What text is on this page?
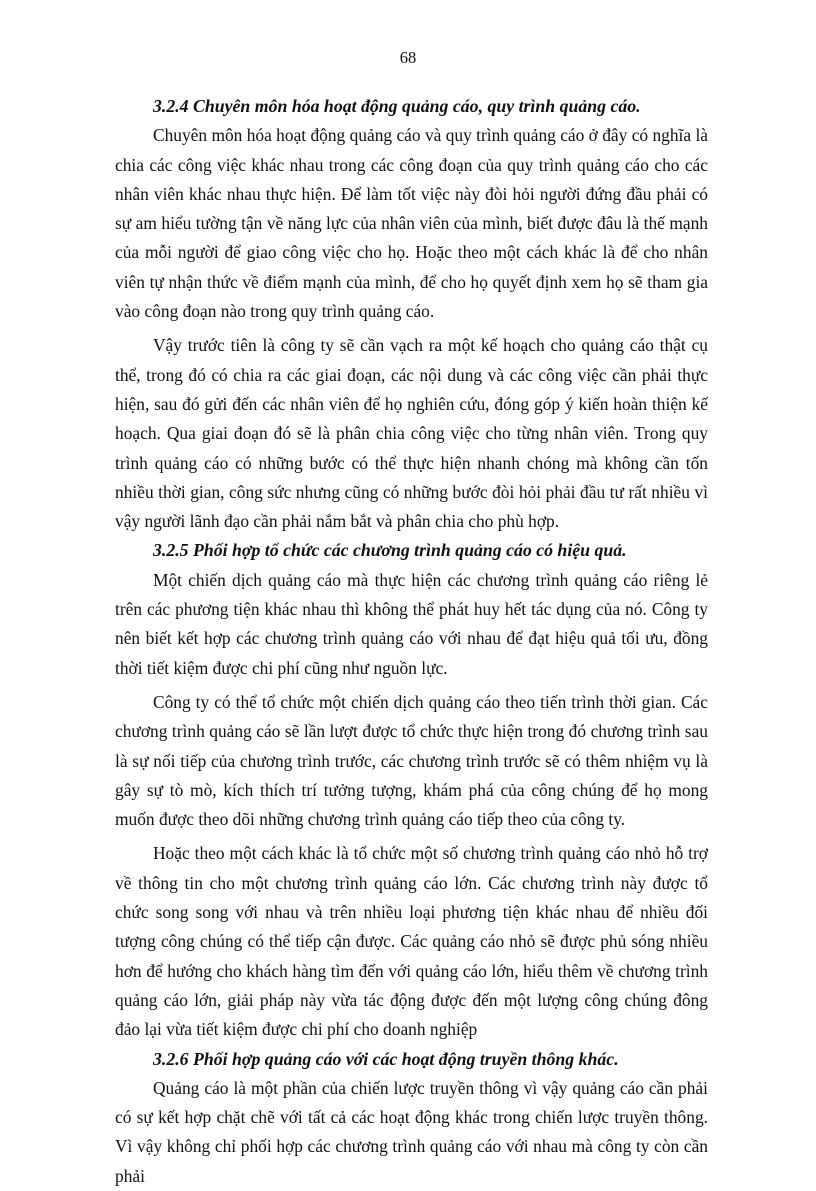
68

3.2.4 Chuyên môn hóa hoạt động quảng cáo, quy trình quảng cáo.

Chuyên môn hóa hoạt động quảng cáo và quy trình quảng cáo ở đây có nghĩa là chia các công việc khác nhau trong các công đoạn của quy trình quảng cáo cho các nhân viên khác nhau thực hiện. Để làm tốt việc này đòi hỏi người đứng đầu phải có sự am hiểu tường tận về năng lực của nhân viên của mình, biết được đâu là thế mạnh của mỗi người để giao công việc cho họ. Hoặc theo một cách khác là để cho nhân viên tự nhận thức về điểm mạnh của mình, để cho họ quyết định xem họ sẽ tham gia vào công đoạn nào trong quy trình quảng cáo.

Vậy trước tiên là công ty sẽ cần vạch ra một kế hoạch cho quảng cáo thật cụ thể, trong đó có chia ra các giai đoạn, các nội dung và các công việc cần phải thực hiện, sau đó gửi đến các nhân viên để họ nghiên cứu, đóng góp ý kiến hoàn thiện kế hoạch. Qua giai đoạn đó sẽ là phân chia công việc cho từng nhân viên. Trong quy trình quảng cáo có những bước có thể thực hiện nhanh chóng mà không cần tốn nhiều thời gian, công sức nhưng cũng có những bước đòi hỏi phải đầu tư rất nhiều vì vậy người lãnh đạo cần phải nắm bắt và phân chia cho phù hợp.

3.2.5 Phối hợp tổ chức các chương trình quảng cáo có hiệu quả.

Một chiến dịch quảng cáo mà thực hiện các chương trình quảng cáo riêng lẻ trên các phương tiện khác nhau thì không thể phát huy hết tác dụng của nó. Công ty nên biết kết hợp các chương trình quảng cáo với nhau để đạt hiệu quả tối ưu, đồng thời tiết kiệm được chi phí cũng như nguồn lực.

Công ty có thể tổ chức một chiến dịch quảng cáo theo tiến trình thời gian. Các chương trình quảng cáo sẽ lần lượt được tổ chức thực hiện trong đó chương trình sau là sự nối tiếp của chương trình trước, các chương trình trước sẽ có thêm nhiệm vụ là gây sự tò mò, kích thích trí tưởng tượng, khám phá của công chúng để họ mong muốn được theo dõi những chương trình quảng cáo tiếp theo của công ty.

Hoặc theo một cách khác là tổ chức một số chương trình quảng cáo nhỏ hỗ trợ về thông tin cho một chương trình quảng cáo lớn. Các chương trình này được tổ chức song song với nhau và trên nhiều loại phương tiện khác nhau để nhiều đối tượng công chúng có thể tiếp cận được. Các quảng cáo nhỏ sẽ được phủ sóng nhiều hơn để hướng cho khách hàng tìm đến với quảng cáo lớn, hiểu thêm về chương trình quảng cáo lớn, giải pháp này vừa tác động được đến một lượng công chúng đông đảo lại vừa tiết kiệm được chi phí cho doanh nghiệp

3.2.6 Phối hợp quảng cáo với các hoạt động truyền thông khác.

Quảng cáo là một phần của chiến lược truyền thông vì vậy quảng cáo cần phải có sự kết hợp chặt chẽ với tất cả các hoạt động khác trong chiến lược truyền thông. Vì vậy không chỉ phối hợp các chương trình quảng cáo với nhau mà công ty còn cần phải
